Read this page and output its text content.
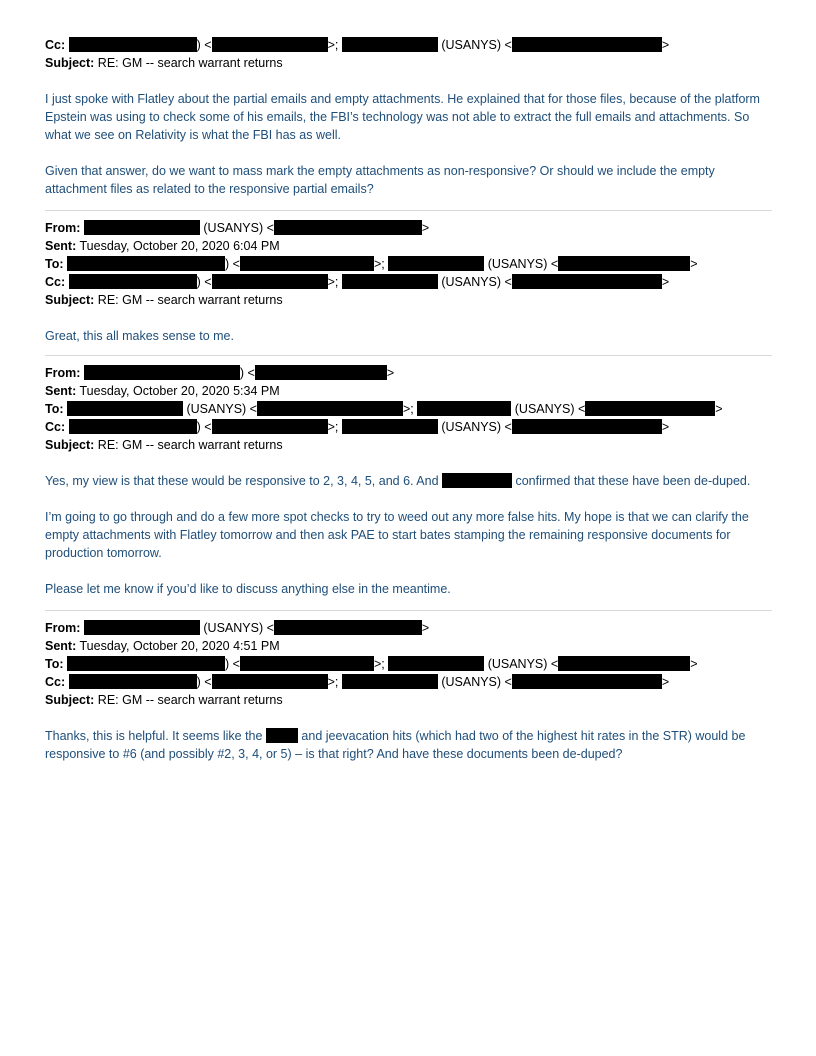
Cc:	) <	>;	(USANYS) <	>
Subject: RE: GM -- search warrant returns

I just spoke with Flatley about the partial emails and empty attachments. He explained that for those files, because of the platform Epstein was using to check some of his emails, the FBI’s technology was not able to extract the full emails and attachments. So what we see on Relativity is what the FBI has as well.

Given that answer, do we want to mass mark the empty attachments as non-responsive? Or should we include the empty attachment files as related to the responsive partial emails?

From:	(USANYS) <	>
Sent: Tuesday, October 20, 2020 6:04 PM
To:	) <	>;	(USANYS) <	>
Cc:	) <	>;	(USANYS) <	>
Subject: RE: GM -- search warrant returns

Great, this all makes sense to me.

From:	) <	>
Sent: Tuesday, October 20, 2020 5:34 PM
To:	(USANYS) <	>;	(USANYS) <	>
Cc:	) <	>;	(USANYS) <	>
Subject: RE: GM -- search warrant returns

Yes, my view is that these would be responsive to 2, 3, 4, 5, and 6. And	confirmed that these have been de-duped.

I’m going to go through and do a few more spot checks to try to weed out any more false hits. My hope is that we can clarify the empty attachments with Flatley tomorrow and then ask PAE to start bates stamping the remaining responsive documents for production tomorrow.

Please let me know if you’d like to discuss anything else in the meantime.

From:	(USANYS) <	>
Sent: Tuesday, October 20, 2020 4:51 PM
To:	) <	>;	(USANYS) <	>
Cc:	) <	>;	(USANYS) <	>
Subject: RE: GM -- search warrant returns

Thanks, this is helpful. It seems like the	and jeevacation hits (which had two of the highest hit rates in the STR) would be responsive to #6 (and possibly #2, 3, 4, or 5) – is that right? And have these documents been de-duped?
